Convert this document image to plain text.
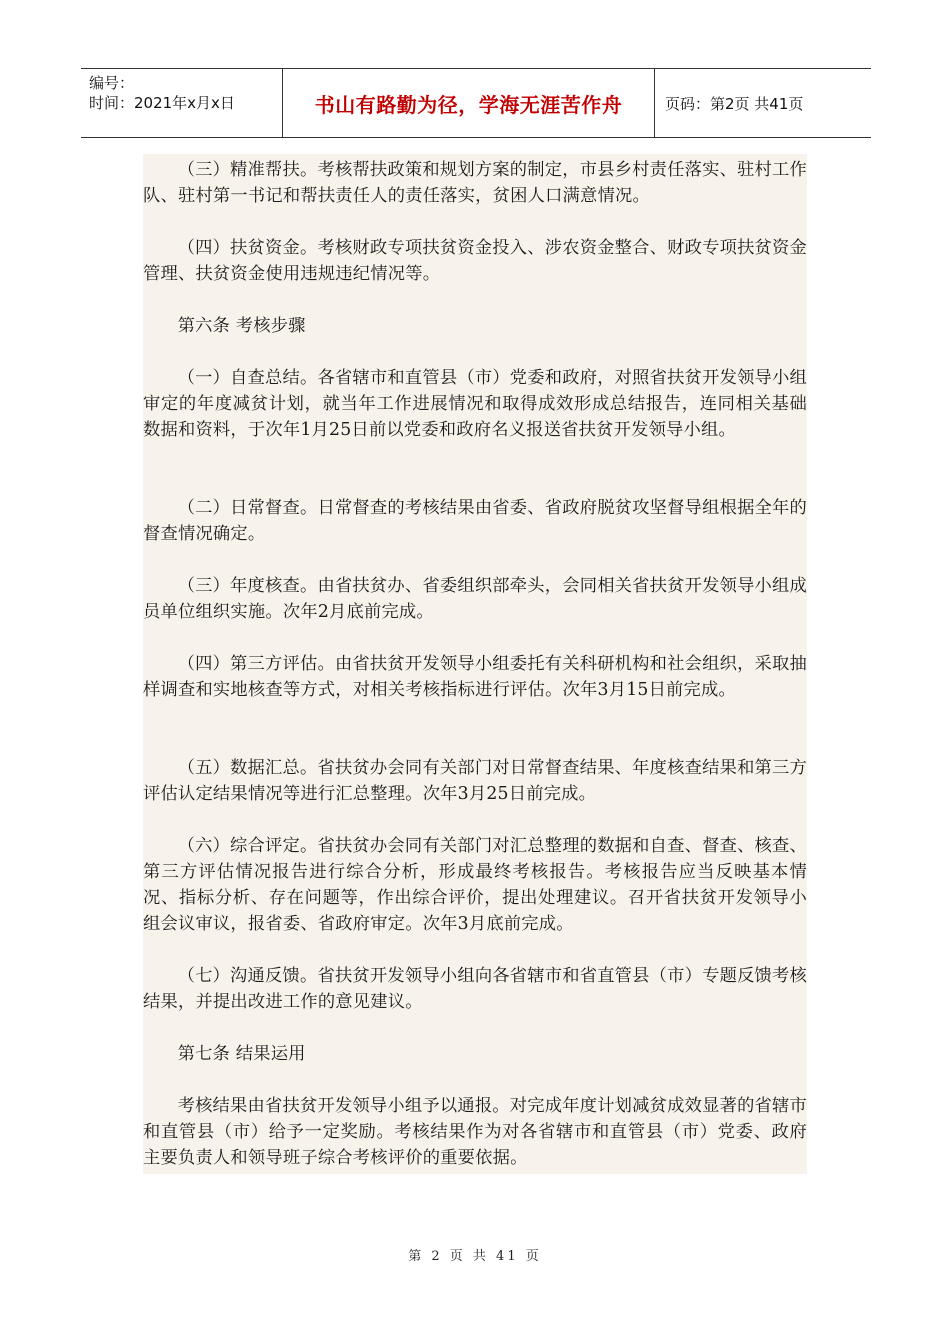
编号：
时间：2021年x月x日	书山有路勤为径，学海无涯苦作舟	页码：第2页 共41页

（三）精准帮扶。考核帮扶政策和规划方案的制定，市县乡村责任落实、驻村工作队、驻村第一书记和帮扶责任人的责任落实，贫困人口满意情况。

（四）扶贫资金。考核财政专项扶贫资金投入、涉农资金整合、财政专项扶贫资金管理、扶贫资金使用违规违纪情况等。

第六条 考核步骤

（一）自查总结。各省辖市和直管县（市）党委和政府，对照省扶贫开发领导小组审定的年度减贫计划，就当年工作进展情况和取得成效形成总结报告，连同相关基础数据和资料，于次年1月25日前以党委和政府名义报送省扶贫开发领导小组。

（二）日常督查。日常督查的考核结果由省委、省政府脱贫攻坚督导组根据全年的督查情况确定。

（三）年度核查。由省扶贫办、省委组织部牵头，会同相关省扶贫开发领导小组成员单位组织实施。次年2月底前完成。

（四）第三方评估。由省扶贫开发领导小组委托有关科研机构和社会组织，采取抽样调查和实地核查等方式，对相关考核指标进行评估。次年3月15日前完成。

（五）数据汇总。省扶贫办会同有关部门对日常督查结果、年度核查结果和第三方评估认定结果情况等进行汇总整理。次年3月25日前完成。

（六）综合评定。省扶贫办会同有关部门对汇总整理的数据和自查、督查、核查、第三方评估情况报告进行综合分析，形成最终考核报告。考核报告应当反映基本情况、指标分析、存在问题等，作出综合评价，提出处理建议。召开省扶贫开发领导小组会议审议，报省委、省政府审定。次年3月底前完成。

（七）沟通反馈。省扶贫开发领导小组向各省辖市和省直管县（市）专题反馈考核结果，并提出改进工作的意见建议。

第七条 结果运用

考核结果由省扶贫开发领导小组予以通报。对完成年度计划减贫成效显著的省辖市和直管县（市）给予一定奖励。考核结果作为对各省辖市和直管县（市）党委、政府主要负责人和领导班子综合考核评价的重要依据。

第 2 页 共 41 页
